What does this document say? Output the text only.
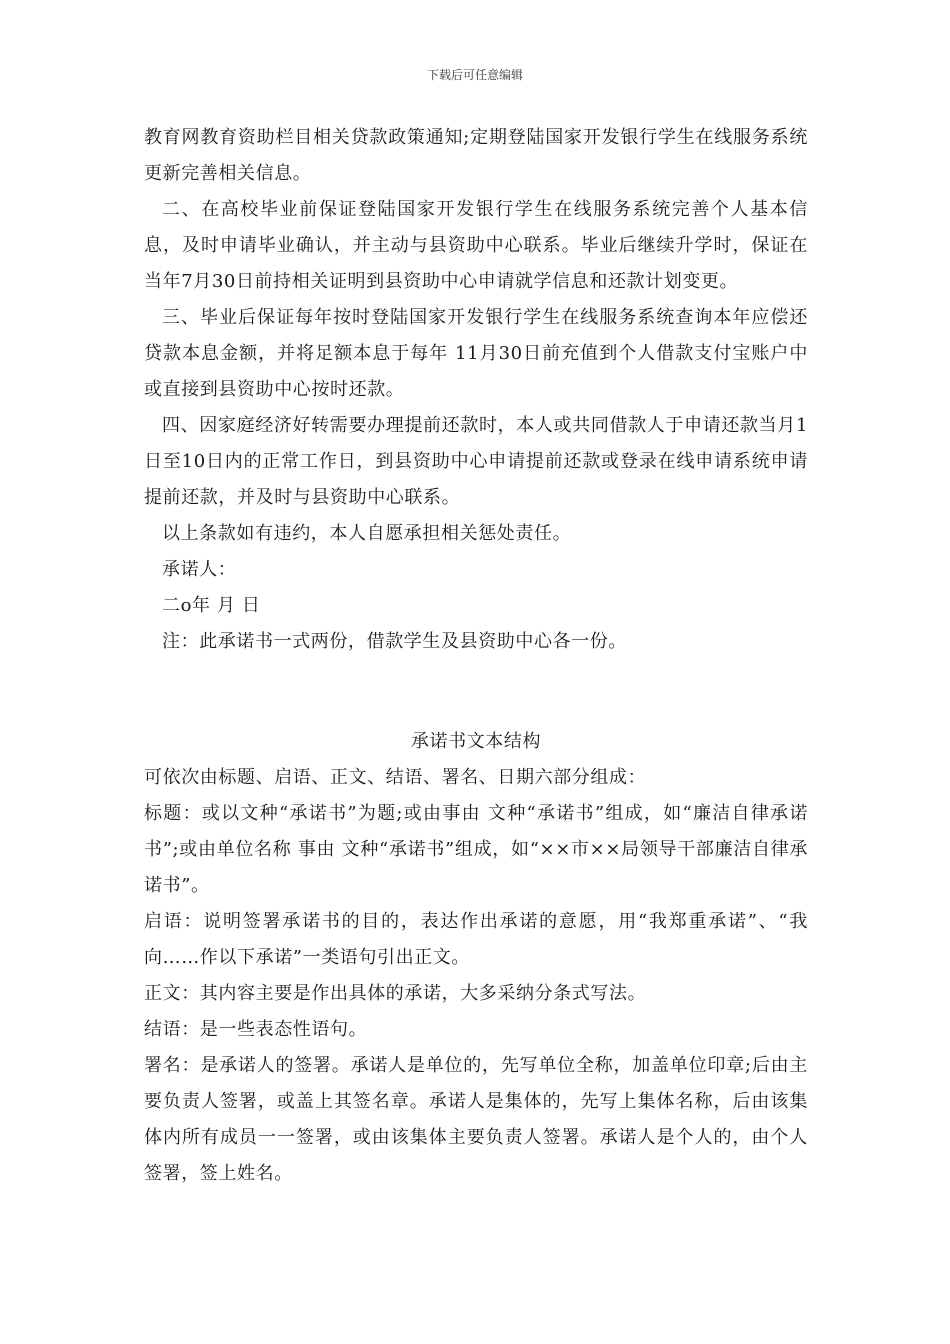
下载后可任意编辑

教育网教育资助栏目相关贷款政策通知;定期登陆国家开发银行学生在线服务系统更新完善相关信息。

二、在高校毕业前保证登陆国家开发银行学生在线服务系统完善个人基本信息，及时申请毕业确认，并主动与县资助中心联系。毕业后继续升学时，保证在当年7月30日前持相关证明到县资助中心申请就学信息和还款计划变更。

三、毕业后保证每年按时登陆国家开发银行学生在线服务系统查询本年应偿还贷款本息金额，并将足额本息于每年 11月30日前充值到个人借款支付宝账户中或直接到县资助中心按时还款。

四、因家庭经济好转需要办理提前还款时，本人或共同借款人于申请还款当月1日至10日内的正常工作日，到县资助中心申请提前还款或登录在线申请系统申请提前还款，并及时与县资助中心联系。

以上条款如有违约，本人自愿承担相关惩处责任。

承诺人：

二o年 月 日

注：此承诺书一式两份，借款学生及县资助中心各一份。

承诺书文本结构

可依次由标题、启语、正文、结语、署名、日期六部分组成：

标题：或以文种“承诺书”为题;或由事由 文种“承诺书”组成，如“廉洁自律承诺书”;或由单位名称 事由 文种“承诺书”组成，如“××市××局领导干部廉洁自律承诺书”。

启语：说明签署承诺书的目的，表达作出承诺的意愿，用“我郑重承诺”、“我向……作以下承诺”一类语句引出正文。

正文：其内容主要是作出具体的承诺，大多采纳分条式写法。

结语：是一些表态性语句。

署名：是承诺人的签署。承诺人是单位的，先写单位全称，加盖单位印章;后由主要负责人签署，或盖上其签名章。承诺人是集体的，先写上集体名称，后由该集体内所有成员一一签署，或由该集体主要负责人签署。承诺人是个人的，由个人签署，签上姓名。
